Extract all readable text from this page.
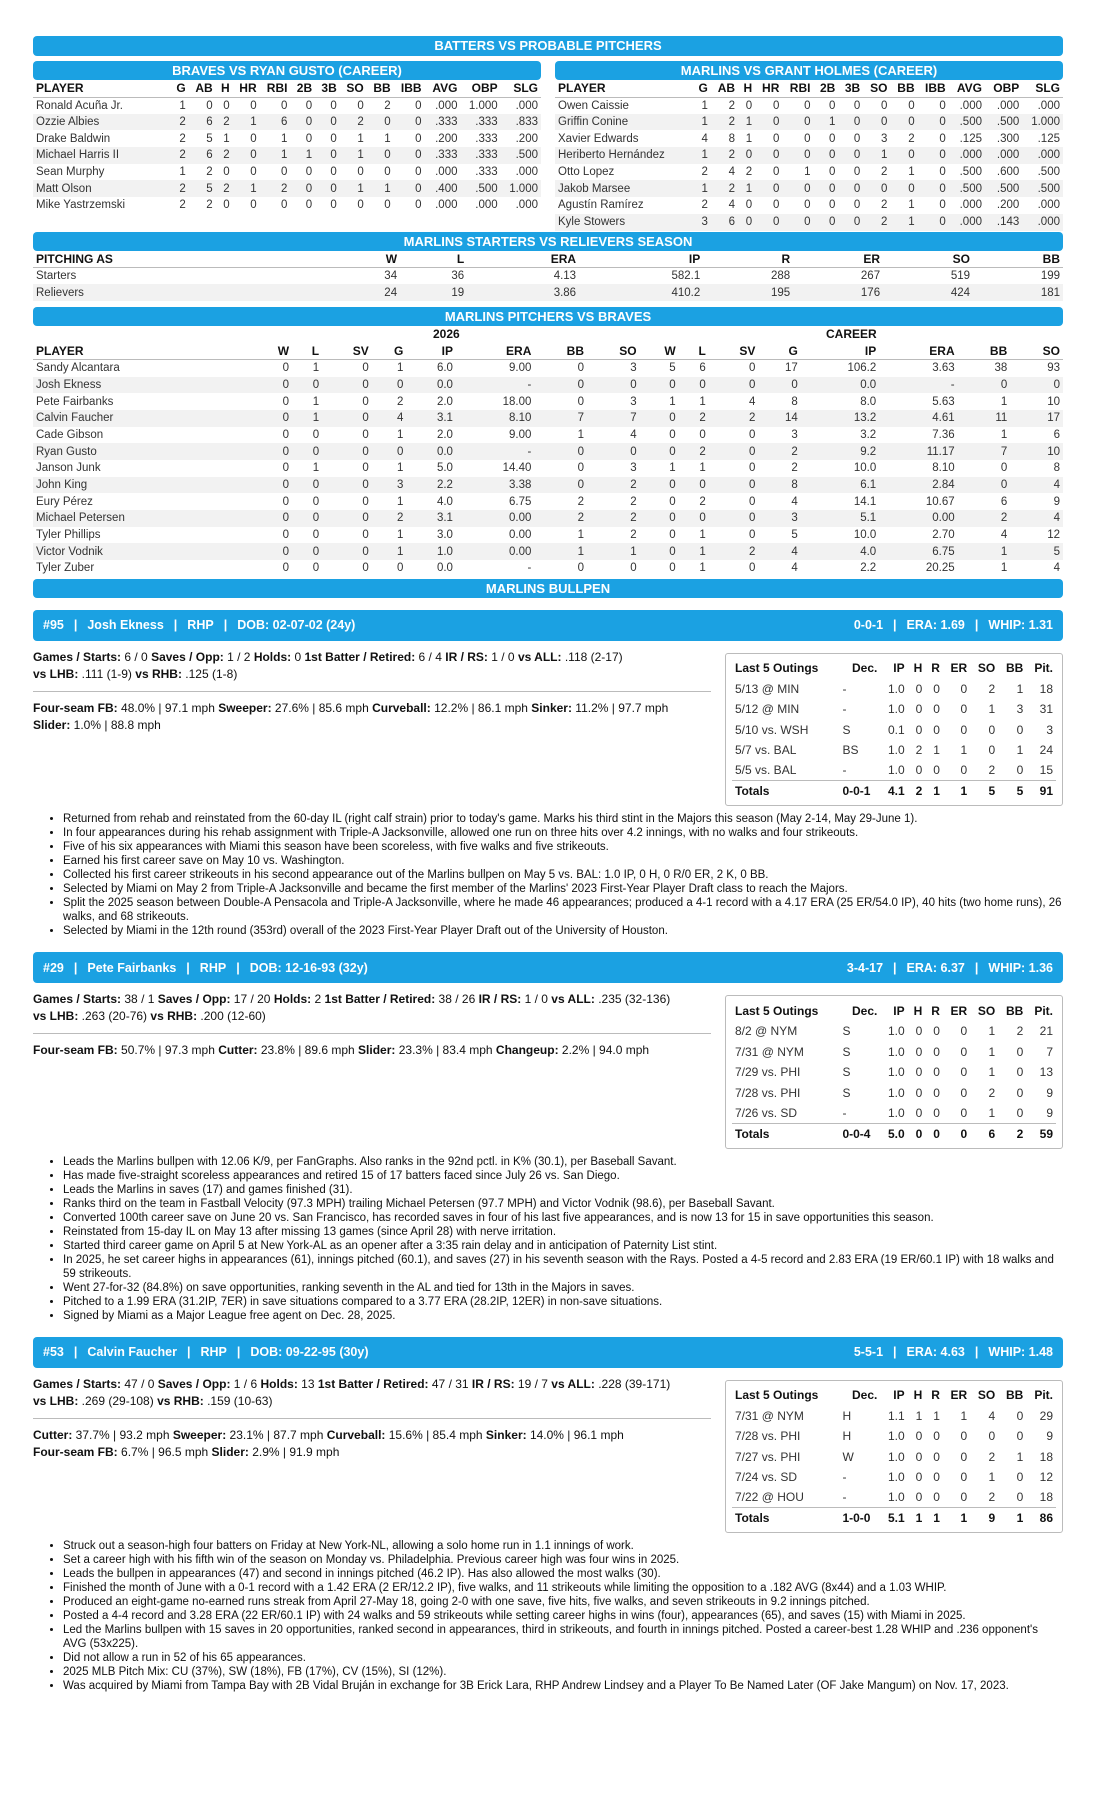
BATTERS VS PROBABLE PITCHERS
BRAVES VS RYAN GUSTO (CAREER)
PLAYER	G	AB	H	HR	RBI	2B	3B	SO	BB	IBB	AVG	OBP	SLG
Ronald Acuña Jr.	1	0	0	0	0	0	0	0	2	0	.000	1.000	.000
Ozzie Albies	2	6	2	1	6	0	0	2	0	0	.333	.333	.833
Drake Baldwin	2	5	1	0	1	0	0	1	1	0	.200	.333	.200
Michael Harris II	2	6	2	0	1	1	0	1	0	0	.333	.333	.500
Sean Murphy	1	2	0	0	0	0	0	0	0	0	.000	.333	.000
Matt Olson	2	5	2	1	2	0	0	1	1	0	.400	.500	1.000
Mike Yastrzemski	2	2	0	0	0	0	0	0	0	0	.000	.000	.000
MARLINS VS GRANT HOLMES (CAREER)
PLAYER	G	AB	H	HR	RBI	2B	3B	SO	BB	IBB	AVG	OBP	SLG
Owen Caissie	1	2	0	0	0	0	0	0	0	0	.000	.000	.000
Griffin Conine	1	2	1	0	0	1	0	0	0	0	.500	.500	1.000
Xavier Edwards	4	8	1	0	0	0	0	3	2	0	.125	.300	.125
Heriberto Hernández	1	2	0	0	0	0	0	1	0	0	.000	.000	.000
Otto Lopez	2	4	2	0	1	0	0	2	1	0	.500	.600	.500
Jakob Marsee	1	2	1	0	0	0	0	0	0	0	.500	.500	.500
Agustín Ramírez	2	4	0	0	0	0	0	2	1	0	.000	.200	.000
Kyle Stowers	3	6	0	0	0	0	0	2	1	0	.000	.143	.000
MARLINS STARTERS VS RELIEVERS SEASON
PITCHING AS	W	L	ERA	IP	R	ER	SO	BB
Starters	34	36	4.13	582.1	288	267	519	199
Relievers	24	19	3.86	410.2	195	176	424	181
MARLINS PITCHERS VS BRAVES
	2026								CAREER							
PLAYER	W	L	SV	G	IP	ERA	BB	SO	W	L	SV	G	IP	ERA	BB	SO
Sandy Alcantara	0	1	0	1	6.0	9.00	0	3	5	6	0	17	106.2	3.63	38	93
Josh Ekness	0	0	0	0	0.0	-	0	0	0	0	0	0	0.0	-	0	0
Pete Fairbanks	0	1	0	2	2.0	18.00	0	3	1	1	4	8	8.0	5.63	1	10
Calvin Faucher	0	1	0	4	3.1	8.10	7	7	0	2	2	14	13.2	4.61	11	17
Cade Gibson	0	0	0	1	2.0	9.00	1	4	0	0	0	3	3.2	7.36	1	6
Ryan Gusto	0	0	0	0	0.0	-	0	0	0	2	0	2	9.2	11.17	7	10
Janson Junk	0	1	0	1	5.0	14.40	0	3	1	1	0	2	10.0	8.10	0	8
John King	0	0	0	3	2.2	3.38	0	2	0	0	0	8	6.1	2.84	0	4
Eury Pérez	0	0	0	1	4.0	6.75	2	2	0	2	0	4	14.1	10.67	6	9
Michael Petersen	0	0	0	2	3.1	0.00	2	2	0	0	0	3	5.1	0.00	2	4
Tyler Phillips	0	0	0	1	3.0	0.00	1	2	0	1	0	5	10.0	2.70	4	12
Victor Vodnik	0	0	0	1	1.0	0.00	1	1	0	1	2	4	4.0	6.75	1	5
Tyler Zuber	0	0	0	0	0.0	-	0	0	0	1	0	4	2.2	20.25	1	4
MARLINS BULLPEN
#95 | Josh Ekness | RHP | DOB: 02-07-02 (24y)	0-0-1 | ERA: 1.69 | WHIP: 1.31
Games / Starts: 6 / 0 Saves / Opp: 1 / 2 Holds: 0 1st Batter / Retired: 6 / 4 IR / RS: 1 / 0 vs ALL: .118 (2-17)
vs LHB: .111 (1-9) vs RHB: .125 (1-8)
Four-seam FB: 48.0% | 97.1 mph Sweeper: 27.6% | 85.6 mph Curveball: 12.2% | 86.1 mph Sinker: 11.2% | 97.7 mph
Slider: 1.0% | 88.8 mph
Last 5 Outings	Dec.	IP	H	R	ER	SO	BB	Pit.
5/13 @ MIN	-	1.0	0	0	0	2	1	18
5/12 @ MIN	-	1.0	0	0	0	1	3	31
5/10 vs. WSH	S	0.1	0	0	0	0	0	3
5/7 vs. BAL	BS	1.0	2	1	1	0	1	24
5/5 vs. BAL	-	1.0	0	0	0	2	0	15
Totals	0-0-1	4.1	2	1	1	5	5	91
• Returned from rehab and reinstated from the 60-day IL (right calf strain) prior to today's game. Marks his third stint in the Majors this season (May 2-14, May 29-June 1).
• In four appearances during his rehab assignment with Triple-A Jacksonville, allowed one run on three hits over 4.2 innings, with no walks and four strikeouts.
• Five of his six appearances with Miami this season have been scoreless, with five walks and five strikeouts.
• Earned his first career save on May 10 vs. Washington.
• Collected his first career strikeouts in his second appearance out of the Marlins bullpen on May 5 vs. BAL: 1.0 IP, 0 H, 0 R/0 ER, 2 K, 0 BB.
• Selected by Miami on May 2 from Triple-A Jacksonville and became the first member of the Marlins' 2023 First-Year Player Draft class to reach the Majors.
• Split the 2025 season between Double-A Pensacola and Triple-A Jacksonville, where he made 46 appearances; produced a 4-1 record with a 4.17 ERA (25 ER/54.0 IP), 40 hits (two home runs), 26 walks, and 68 strikeouts.
• Selected by Miami in the 12th round (353rd) overall of the 2023 First-Year Player Draft out of the University of Houston.
#29 | Pete Fairbanks | RHP | DOB: 12-16-93 (32y)	3-4-17 | ERA: 6.37 | WHIP: 1.36
Games / Starts: 38 / 1 Saves / Opp: 17 / 20 Holds: 2 1st Batter / Retired: 38 / 26 IR / RS: 1 / 0 vs ALL: .235 (32-136)
vs LHB: .263 (20-76) vs RHB: .200 (12-60)
Four-seam FB: 50.7% | 97.3 mph Cutter: 23.8% | 89.6 mph Slider: 23.3% | 83.4 mph Changeup: 2.2% | 94.0 mph
Last 5 Outings	Dec.	IP	H	R	ER	SO	BB	Pit.
8/2 @ NYM	S	1.0	0	0	0	1	2	21
7/31 @ NYM	S	1.0	0	0	0	1	0	7
7/29 vs. PHI	S	1.0	0	0	0	1	0	13
7/28 vs. PHI	S	1.0	0	0	0	2	0	9
7/26 vs. SD	-	1.0	0	0	0	1	0	9
Totals	0-0-4	5.0	0	0	0	6	2	59
• Leads the Marlins bullpen with 12.06 K/9, per FanGraphs. Also ranks in the 92nd pctl. in K% (30.1), per Baseball Savant.
• Has made five-straight scoreless appearances and retired 15 of 17 batters faced since July 26 vs. San Diego.
• Leads the Marlins in saves (17) and games finished (31).
• Ranks third on the team in Fastball Velocity (97.3 MPH) trailing Michael Petersen (97.7 MPH) and Victor Vodnik (98.6), per Baseball Savant.
• Converted 100th career save on June 20 vs. San Francisco, has recorded saves in four of his last five appearances, and is now 13 for 15 in save opportunities this season.
• Reinstated from 15-day IL on May 13 after missing 13 games (since April 28) with nerve irritation.
• Started third career game on April 5 at New York-AL as an opener after a 3:35 rain delay and in anticipation of Paternity List stint.
• In 2025, he set career highs in appearances (61), innings pitched (60.1), and saves (27) in his seventh season with the Rays. Posted a 4-5 record and 2.83 ERA (19 ER/60.1 IP) with 18 walks and 59 strikeouts.
• Went 27-for-32 (84.8%) on save opportunities, ranking seventh in the AL and tied for 13th in the Majors in saves.
• Pitched to a 1.99 ERA (31.2IP, 7ER) in save situations compared to a 3.77 ERA (28.2IP, 12ER) in non-save situations.
• Signed by Miami as a Major League free agent on Dec. 28, 2025.
#53 | Calvin Faucher | RHP | DOB: 09-22-95 (30y)	5-5-1 | ERA: 4.63 | WHIP: 1.48
Games / Starts: 47 / 0 Saves / Opp: 1 / 6 Holds: 13 1st Batter / Retired: 47 / 31 IR / RS: 19 / 7 vs ALL: .228 (39-171)
vs LHB: .269 (29-108) vs RHB: .159 (10-63)
Cutter: 37.7% | 93.2 mph Sweeper: 23.1% | 87.7 mph Curveball: 15.6% | 85.4 mph Sinker: 14.0% | 96.1 mph
Four-seam FB: 6.7% | 96.5 mph Slider: 2.9% | 91.9 mph
Last 5 Outings	Dec.	IP	H	R	ER	SO	BB	Pit.
7/31 @ NYM	H	1.1	1	1	1	4	0	29
7/28 vs. PHI	H	1.0	0	0	0	0	0	9
7/27 vs. PHI	W	1.0	0	0	0	2	1	18
7/24 vs. SD	-	1.0	0	0	0	1	0	12
7/22 @ HOU	-	1.0	0	0	0	2	0	18
Totals	1-0-0	5.1	1	1	1	9	1	86
• Struck out a season-high four batters on Friday at New York-NL, allowing a solo home run in 1.1 innings of work.
• Set a career high with his fifth win of the season on Monday vs. Philadelphia. Previous career high was four wins in 2025.
• Leads the bullpen in appearances (47) and second in innings pitched (46.2 IP). Has also allowed the most walks (30).
• Finished the month of June with a 0-1 record with a 1.42 ERA (2 ER/12.2 IP), five walks, and 11 strikeouts while limiting the opposition to a .182 AVG (8x44) and a 1.03 WHIP.
• Produced an eight-game no-earned runs streak from April 27-May 18, going 2-0 with one save, five hits, five walks, and seven strikeouts in 9.2 innings pitched.
• Posted a 4-4 record and 3.28 ERA (22 ER/60.1 IP) with 24 walks and 59 strikeouts while setting career highs in wins (four), appearances (65), and saves (15) with Miami in 2025.
• Led the Marlins bullpen with 15 saves in 20 opportunities, ranked second in appearances, third in strikeouts, and fourth in innings pitched. Posted a career-best 1.28 WHIP and .236 opponent's AVG (53x225).
• Did not allow a run in 52 of his 65 appearances.
• 2025 MLB Pitch Mix: CU (37%), SW (18%), FB (17%), CV (15%), SI (12%).
• Was acquired by Miami from Tampa Bay with 2B Vidal Bruján in exchange for 3B Erick Lara, RHP Andrew Lindsey and a Player To Be Named Later (OF Jake Mangum) on Nov. 17, 2023.
